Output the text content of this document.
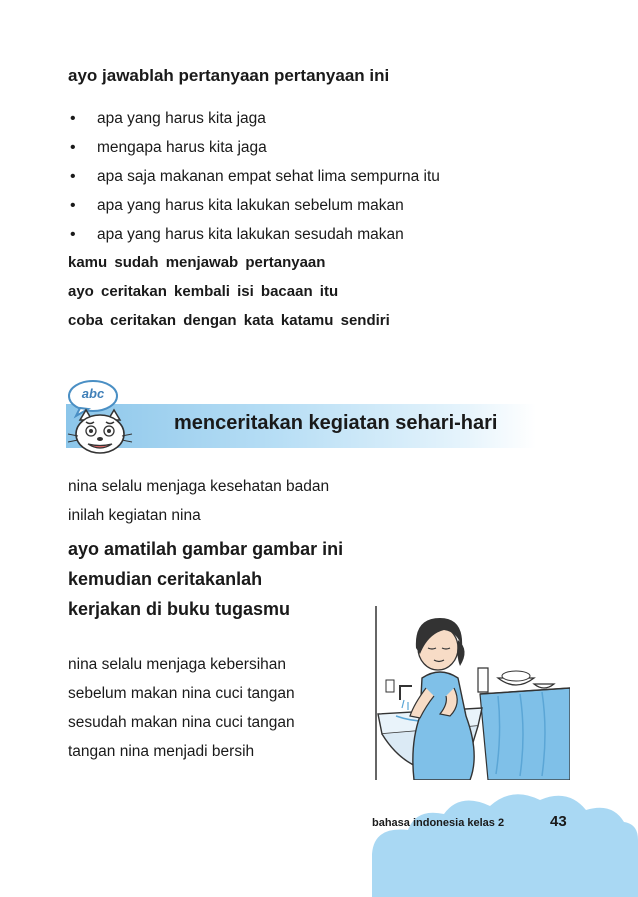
ayo jawablah pertanyaan pertanyaan ini
• apa yang harus kita jaga
• mengapa harus kita jaga
• apa saja makanan empat sehat lima sempurna itu
• apa yang harus kita lakukan sebelum makan
• apa yang harus kita lakukan sesudah makan
kamu sudah menjawab pertanyaan
ayo ceritakan kembali isi bacaan itu
coba ceritakan dengan kata katamu sendiri
abc
menceritakan kegiatan sehari-hari
nina selalu menjaga kesehatan badan
inilah kegiatan nina
ayo amatilah gambar gambar ini
kemudian ceritakanlah
kerjakan di buku tugasmu
nina selalu menjaga kebersihan
sebelum makan nina cuci tangan
sesudah makan nina cuci tangan
tangan nina menjadi bersih
bahasa indonesia kelas 2	43
